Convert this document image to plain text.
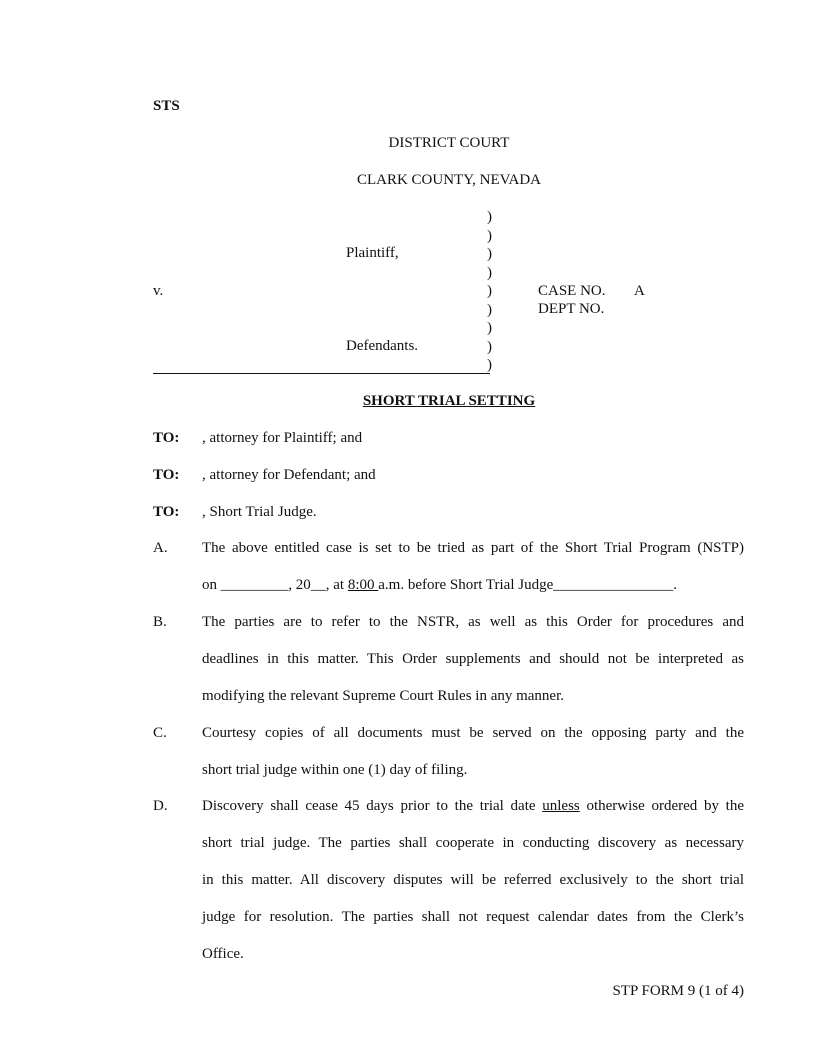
STS
DISTRICT COURT
CLARK COUNTY, NEVADA
Plaintiff,
v.
Defendants.
)
)
)
)
)
)
)
)
)
CASE NO. A
DEPT NO.
SHORT TRIAL SETTING
TO: , attorney for Plaintiff; and
TO: , attorney for Defendant; and
TO: , Short Trial Judge.
A. The above entitled case is set to be tried as part of the Short Trial Program (NSTP)
on _________, 20__, at 8:00 a.m. before Short Trial Judge________________.
B. The parties are to refer to the NSTR, as well as this Order for procedures and
deadlines in this matter. This Order supplements and should not be interpreted as
modifying the relevant Supreme Court Rules in any manner.
C. Courtesy copies of all documents must be served on the opposing party and the
short trial judge within one (1) day of filing.
D. Discovery shall cease 45 days prior to the trial date unless otherwise ordered by the
short trial judge. The parties shall cooperate in conducting discovery as necessary
in this matter. All discovery disputes will be referred exclusively to the short trial
judge for resolution. The parties shall not request calendar dates from the Clerk’s
Office.
STP FORM 9 (1 of 4)
